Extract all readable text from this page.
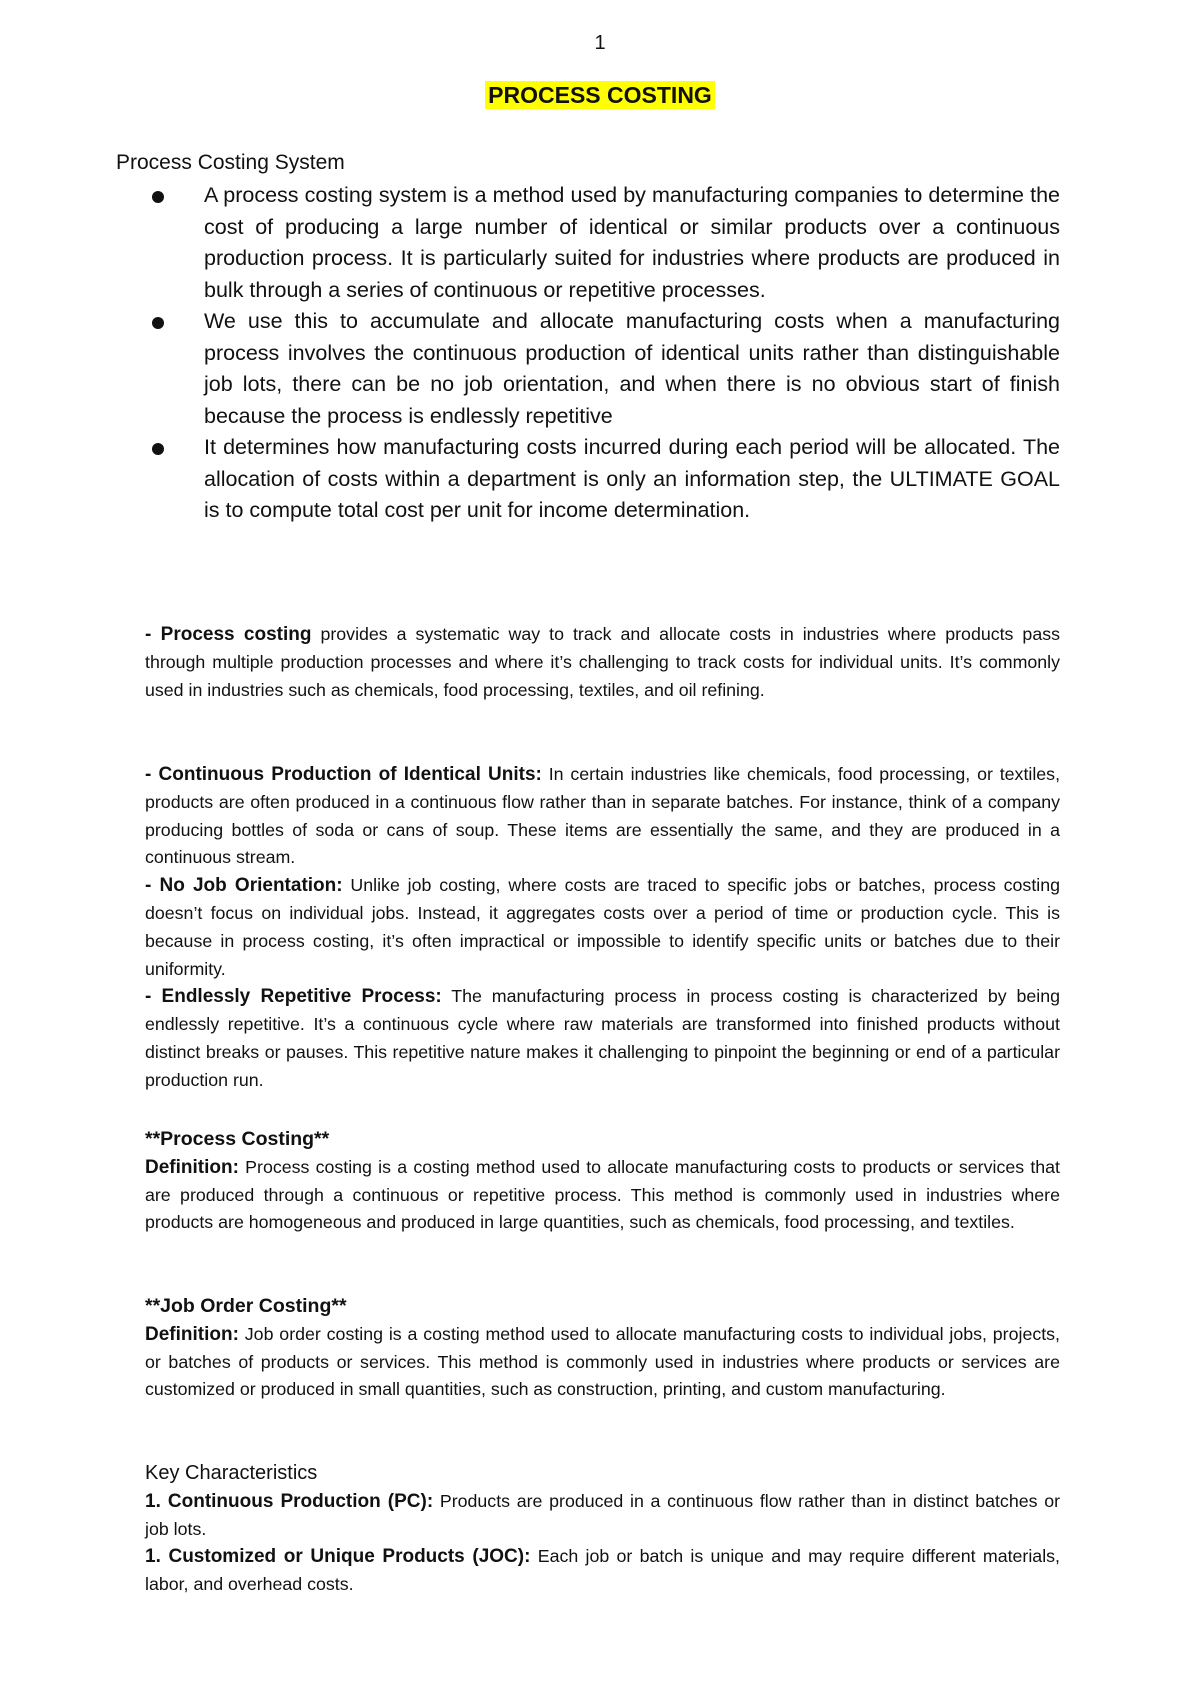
1
PROCESS COSTING
Process Costing System
A process costing system is a method used by manufacturing companies to determine the cost of producing a large number of identical or similar products over a continuous production process. It is particularly suited for industries where products are produced in bulk through a series of continuous or repetitive processes.
We use this to accumulate and allocate manufacturing costs when a manufacturing process involves the continuous production of identical units rather than distinguishable job lots, there can be no job orientation, and when there is no obvious start of finish because the process is endlessly repetitive
It determines how manufacturing costs incurred during each period will be allocated. The allocation of costs within a department is only an information step, the ULTIMATE GOAL is to compute total cost per unit for income determination.

- Process costing provides a systematic way to track and allocate costs in industries where products pass through multiple production processes and where it’s challenging to track costs for individual units. It’s commonly used in industries such as chemicals, food processing, textiles, and oil refining.

- Continuous Production of Identical Units: In certain industries like chemicals, food processing, or textiles, products are often produced in a continuous flow rather than in separate batches. For instance, think of a company producing bottles of soda or cans of soup. These items are essentially the same, and they are produced in a continuous stream.

- No Job Orientation: Unlike job costing, where costs are traced to specific jobs or batches, process costing doesn’t focus on individual jobs. Instead, it aggregates costs over a period of time or production cycle. This is because in process costing, it’s often impractical or impossible to identify specific units or batches due to their uniformity.

- Endlessly Repetitive Process: The manufacturing process in process costing is characterized by being endlessly repetitive. It’s a continuous cycle where raw materials are transformed into finished products without distinct breaks or pauses. This repetitive nature makes it challenging to pinpoint the beginning or end of a particular production run.

**Process Costing**

Definition: Process costing is a costing method used to allocate manufacturing costs to products or services that are produced through a continuous or repetitive process. This method is commonly used in industries where products are homogeneous and produced in large quantities, such as chemicals, food processing, and textiles.

**Job Order Costing**

Definition: Job order costing is a costing method used to allocate manufacturing costs to individual jobs, projects, or batches of products or services. This method is commonly used in industries where products or services are customized or produced in small quantities, such as construction, printing, and custom manufacturing.

Key Characteristics

1. Continuous Production (PC): Products are produced in a continuous flow rather than in distinct batches or job lots.

1. Customized or Unique Products (JOC): Each job or batch is unique and may require different materials, labor, and overhead costs.
